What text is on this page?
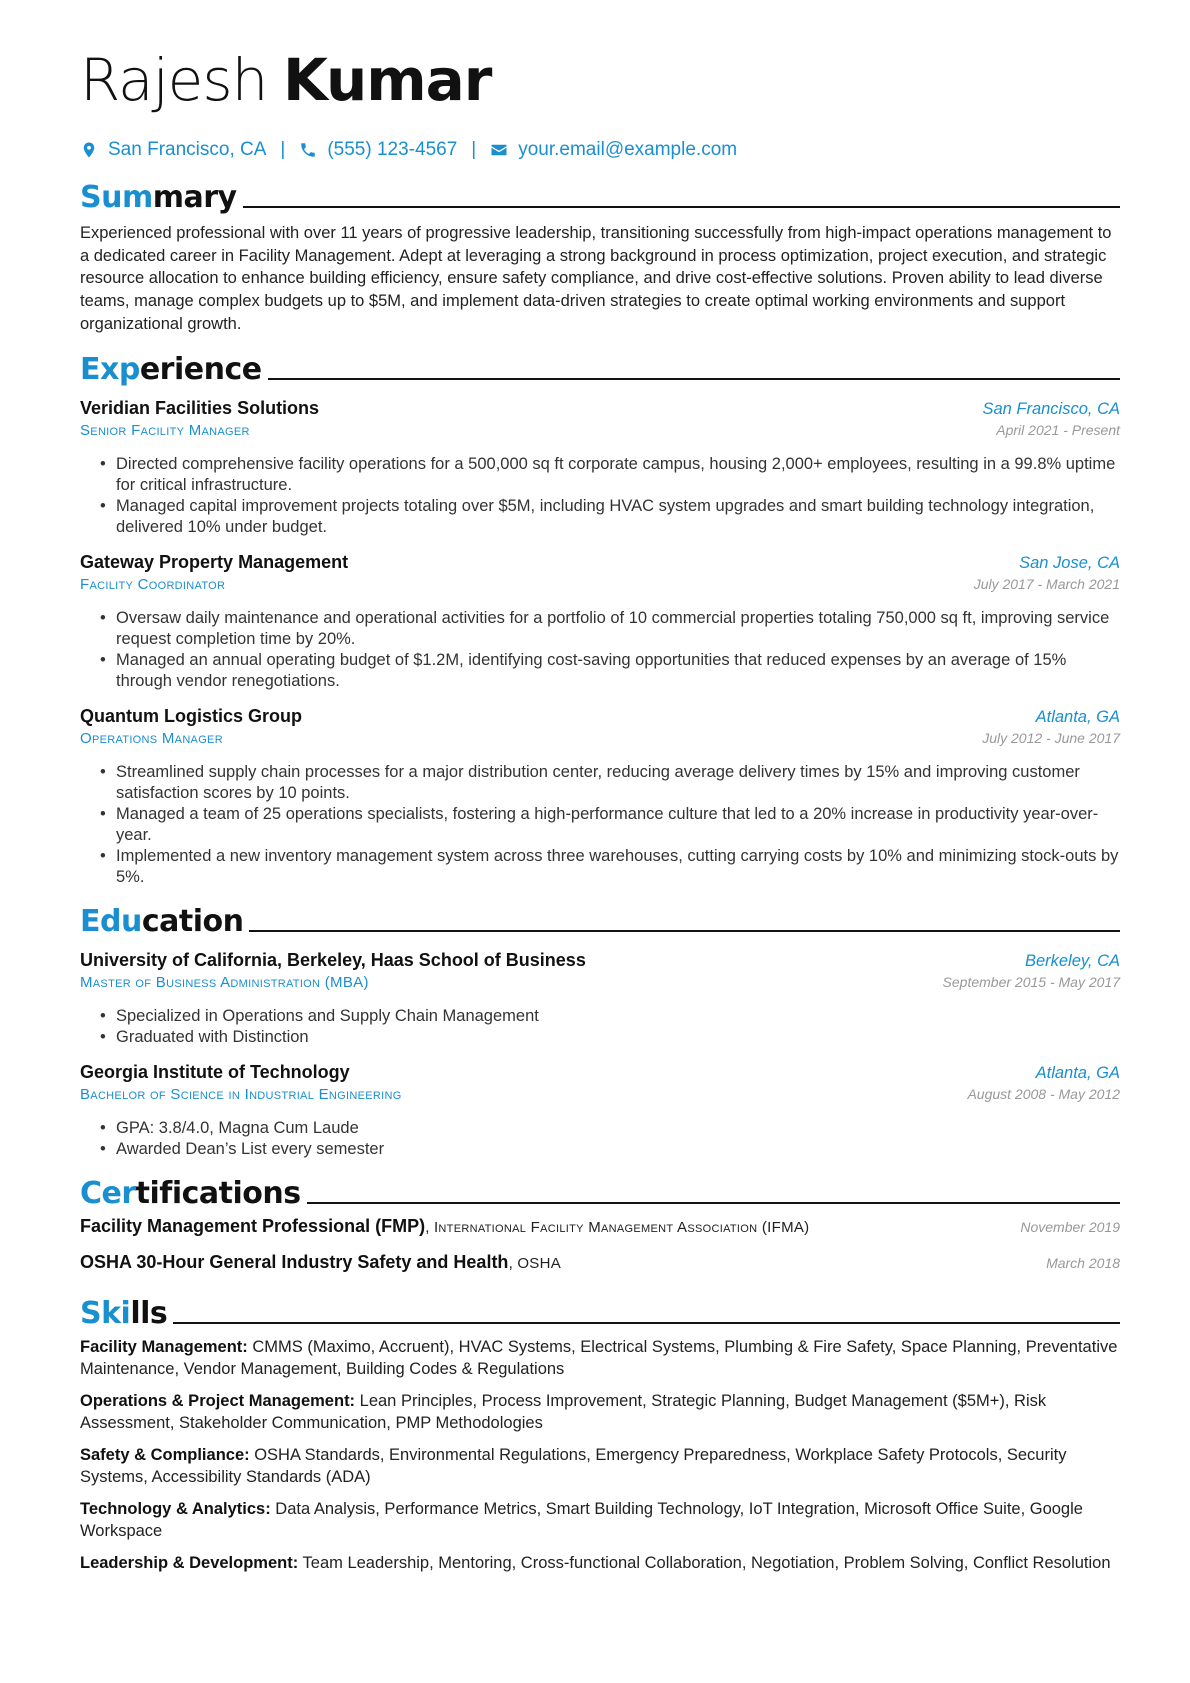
Rajesh Kumar
San Francisco, CA | (555) 123-4567 | your.email@example.com
Summary
Experienced professional with over 11 years of progressive leadership, transitioning successfully from high-impact operations management to a dedicated career in Facility Management. Adept at leveraging a strong background in process optimization, project execution, and strategic resource allocation to enhance building efficiency, ensure safety compliance, and drive cost-effective solutions. Proven ability to lead diverse teams, manage complex budgets up to $5M, and implement data-driven strategies to create optimal working environments and support organizational growth.
Experience
Veridian Facilities Solutions	San Francisco, CA
Senior Facility Manager	April 2021 - Present
• Directed comprehensive facility operations for a 500,000 sq ft corporate campus, housing 2,000+ employees, resulting in a 99.8% uptime for critical infrastructure.
• Managed capital improvement projects totaling over $5M, including HVAC system upgrades and smart building technology integration, delivered 10% under budget.
Gateway Property Management	San Jose, CA
Facility Coordinator	July 2017 - March 2021
• Oversaw daily maintenance and operational activities for a portfolio of 10 commercial properties totaling 750,000 sq ft, improving service request completion time by 20%.
• Managed an annual operating budget of $1.2M, identifying cost-saving opportunities that reduced expenses by an average of 15% through vendor renegotiations.
Quantum Logistics Group	Atlanta, GA
Operations Manager	July 2012 - June 2017
• Streamlined supply chain processes for a major distribution center, reducing average delivery times by 15% and improving customer satisfaction scores by 10 points.
• Managed a team of 25 operations specialists, fostering a high-performance culture that led to a 20% increase in productivity year-over-year.
• Implemented a new inventory management system across three warehouses, cutting carrying costs by 10% and minimizing stock-outs by 5%.
Education
University of California, Berkeley, Haas School of Business	Berkeley, CA
Master of Business Administration (MBA)	September 2015 - May 2017
• Specialized in Operations and Supply Chain Management
• Graduated with Distinction
Georgia Institute of Technology	Atlanta, GA
Bachelor of Science in Industrial Engineering	August 2008 - May 2012
• GPA: 3.8/4.0, Magna Cum Laude
• Awarded Dean’s List every semester
Certifications
Facility Management Professional (FMP), International Facility Management Association (IFMA)	November 2019
OSHA 30-Hour General Industry Safety and Health, OSHA	March 2018
Skills
Facility Management: CMMS (Maximo, Accruent), HVAC Systems, Electrical Systems, Plumbing & Fire Safety, Space Planning, Preventative Maintenance, Vendor Management, Building Codes & Regulations
Operations & Project Management: Lean Principles, Process Improvement, Strategic Planning, Budget Management ($5M+), Risk Assessment, Stakeholder Communication, PMP Methodologies
Safety & Compliance: OSHA Standards, Environmental Regulations, Emergency Preparedness, Workplace Safety Protocols, Security Systems, Accessibility Standards (ADA)
Technology & Analytics: Data Analysis, Performance Metrics, Smart Building Technology, IoT Integration, Microsoft Office Suite, Google Workspace
Leadership & Development: Team Leadership, Mentoring, Cross-functional Collaboration, Negotiation, Problem Solving, Conflict Resolution
